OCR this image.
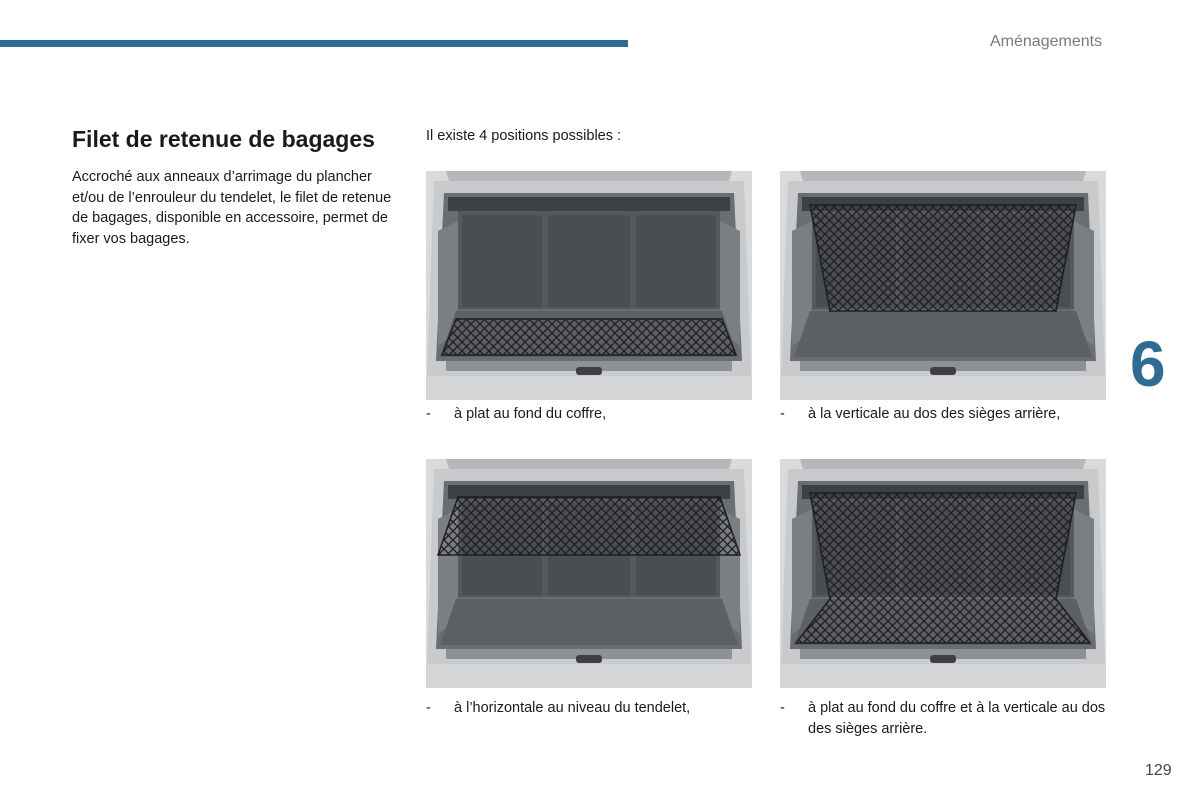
Aménagements
Filet de retenue de bagages

Accroché aux anneaux d’arrimage du plancher et/ou de l’enrouleur du tendelet, le filet de retenue de bagages, disponible en accessoire, permet de fixer vos bagages.

Il existe 4 positions possibles :

- à plat au fond du coffre,	- à la verticale au dos des sièges arrière,
- à l’horizontale au niveau du tendelet,	- à plat au fond du coffre et à la verticale au dos des sièges arrière.
6
129
